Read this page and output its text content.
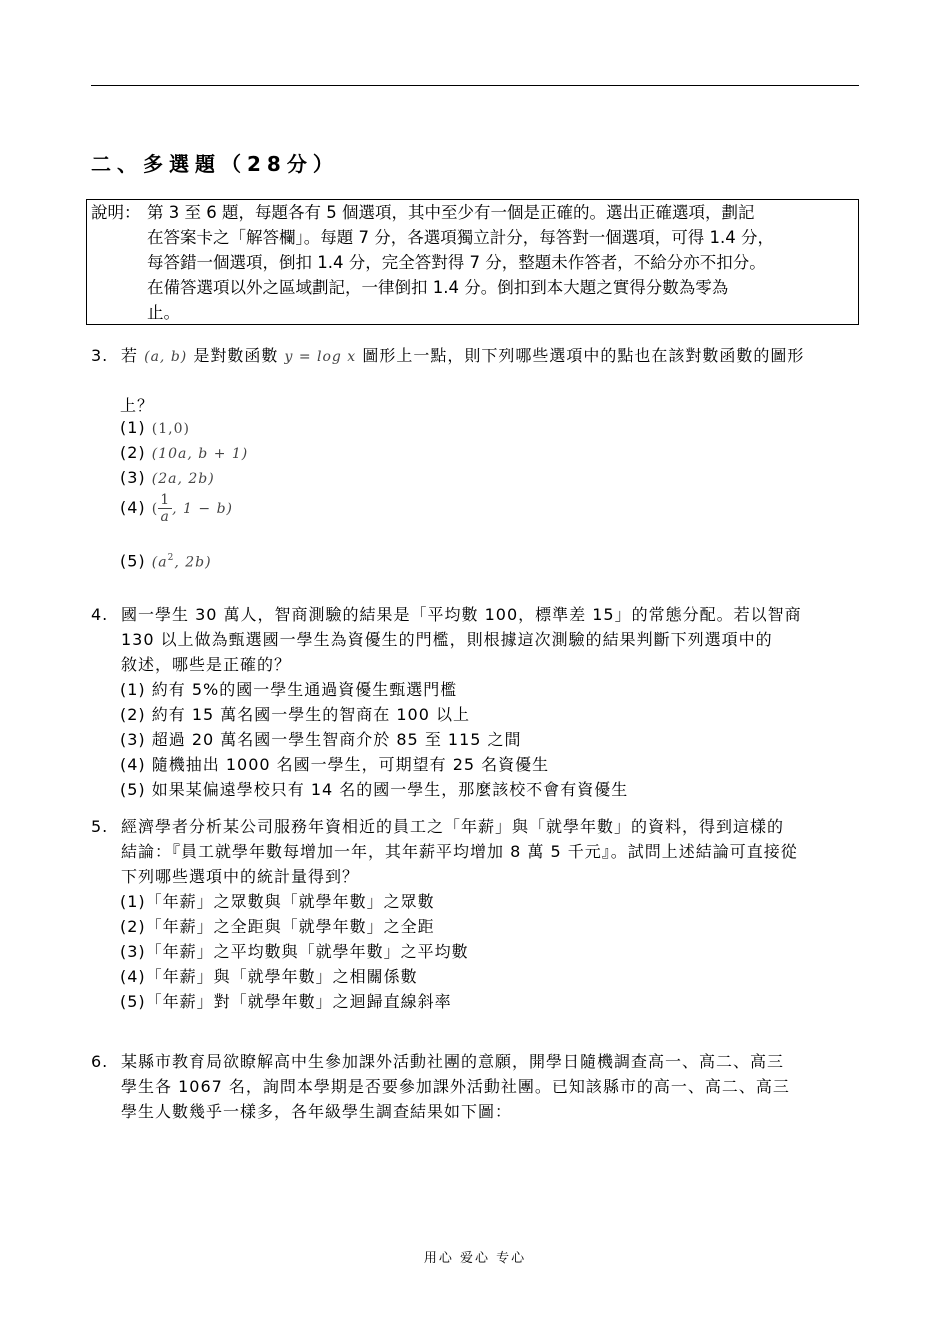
二、多選題（28分）
說明： 第 3 至 6 題，每題各有 5 個選項，其中至少有一個是正確的。選出正確選項，劃記
在答案卡之「解答欄」。每題 7 分，各選項獨立計分，每答對一個選項，可得 1.4 分，
每答錯一個選項，倒扣 1.4 分，完全答對得 7 分，整題未作答者，不給分亦不扣分。
在備答選項以外之區域劃記，一律倒扣 1.4 分。倒扣到本大題之實得分數為零為
止。
3. 若 (a, b) 是對數函數 y = log x 圖形上一點，則下列哪些選項中的點也在該對數函數的圖形
上？
(1) (1,0)
(2) (10a, b + 1)
(3) (2a, 2b)
(4) ( $\frac{1}{a}$ , 1 − b)
(5) ($a^2$, 2b)
4. 國一學生 30 萬人，智商測驗的結果是「平均數 100，標準差 15」的常態分配。若以智商
130 以上做為甄選國一學生為資優生的門檻，則根據這次測驗的結果判斷下列選項中的
敘述，哪些是正確的？
(1) 約有 5%的國一學生通過資優生甄選門檻
(2) 約有 15 萬名國一學生的智商在 100 以上
(3) 超過 20 萬名國一學生智商介於 85 至 115 之間
(4) 隨機抽出 1000 名國一學生，可期望有 25 名資優生
(5) 如果某偏遠學校只有 14 名的國一學生，那麼該校不會有資優生
5. 經濟學者分析某公司服務年資相近的員工之「年薪」與「就學年數」的資料，得到這樣的
結論：『員工就學年數每增加一年，其年薪平均增加 8 萬 5 千元』。試問上述結論可直接從
下列哪些選項中的統計量得到？
(1)「年薪」之眾數與「就學年數」之眾數
(2)「年薪」之全距與「就學年數」之全距
(3)「年薪」之平均數與「就學年數」之平均數
(4)「年薪」與「就學年數」之相關係數
(5)「年薪」對「就學年數」之迴歸直線斜率
6. 某縣市教育局欲瞭解高中生參加課外活動社團的意願，開學日隨機調查高一、高二、高三
學生各 1067 名，詢問本學期是否要參加課外活動社團。已知該縣市的高一、高二、高三
學生人數幾乎一樣多，各年級學生調查結果如下圖：
用心 爱心 专心
